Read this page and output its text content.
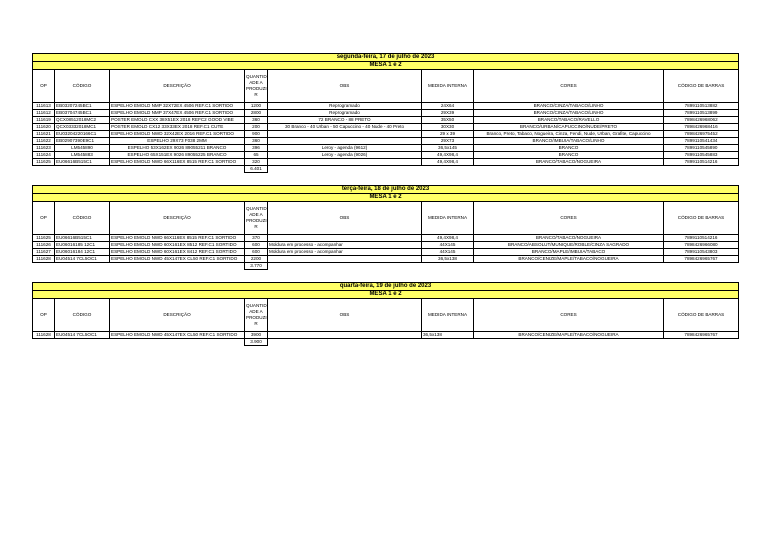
segunda-feira, 17 de julho de 2023							
MESA 1 e 2							
OP	CÓDIGO	DESCRIÇÃO	QUANTID ADE A PRODUZI R	OBS	MEDIDA INTERNA	CORES	CÓDIGO DE BARRAS
111613	EB03207245BC1	ESPELHO EMOLD NMP 32X72EX 4506 REF.C1 SORTIDO	1200	Reprogramado	24X64	BRANCO/CINZA/TABACO/LINHO	7899110513882
111612	EB03704745BC1	ESPELHO EMOLD NMP 37X47EX 4506 REF.C1 SORTIDO	2800	Reprogramado	29X39	BRANCO/CINZA/TABACO/LINHO	7899110513899
111619	QCX08512018MC2	POSTER EMOLD CXX 38X51EX 2018 REFC2 GOOD VIBE	360	72 BRANCO - 88 PRETO	35X50	BRANCO/TABACO/RAVELLO	7898426968062
111620	QCX03332018MC1	POSTER EMOLD CX12 33X33EX 2018 REF.C1 CUTE	200	30 Branco - 40 Urban - 50 Capuccino - 40 Nude - 40 Preto	30X30	BRANCO/URBAN/CAPUCCINO/NUDE/PRETO	7898426968416
111621	EU03204220166C1	ESPELHO EMOLD NWD 32X42EX 2016 REF.C1 SORTIDO	900		29 x 39	Branco, Preto, Tabaco, Nogueira, Cinza, Fendi, Nude, Urban, Grafite, Capuccino	7898426975452
111622	EB02907390E9C1	ESPELHO 29X73 F038 2MM	360		29X73	BRANCO/IMBUIA/TABACO/LINHO	7899110541434
111623	LM545890	ESPELHO 53X162EX 9026 89055211 BRANCO	396	Leroy - agenda (9612)	36,5x145	BRANCO	7899110545890
111624	LM545883	ESPELHO 65X151EX 9026 89055225 BRANCO	65	Leroy - agenda (9026)	49,4X98,4	BRANCO	7899110545883
111625	EU06616B515C1	ESPELHO EMOLD NWD 66X116EX 8515 REF.C1 SORTIDO	320		49,4X98,4	BRANCO/TABACO/NOGUEIRA	7899110514216
			6.401				
terça-feira, 18 de julho de 2023							
MESA 1 e 2							
OP	CÓDIGO	DESCRIÇÃO	QUANTID ADE A PRODUZI R	OBS	MEDIDA INTERNA	CORES	CÓDIGO DE BARRAS
111625	EU06616B515C1	ESPELHO EMOLD NWD 66X116EX 8515 REF.C1 SORTIDO	370		49,4X98,4	BRANCO/TABACO/NOGUEIRA	7899110514216
111626	EU06016185 12C1	ESPELHO EMOLD NWD 60X161EX 8512 REF.C1 SORTIDO	600	Moldura em processo - acompanhar	44X145	BRANCO/ABSOLUT/MUNIQUE/ROBLE/CINZA SAGRADO	7898426966080
111627	EU06016184 12C1	ESPELHO EMOLD NWD 60X161EX 8412 REF.C1 SORTIDO	600	Moldura em processo - acompanhar	44X145	BRANCO/MAPLE/IMBUIA/TABACO	7899110543803
111628	EU04514 7CL5OC1	ESPELHO EMOLD NWD 45X147EX CL50 REF.C1 SORTIDO	2200		36,5x138	BRANCO/CENIZE/MAPLE/TABACO/NOGUEIRA	7898426965767
			3.770				
quarta-feira, 19 de julho de 2023							
MESA 1 e 2							
OP	CÓDIGO	DESCRIÇÃO	QUANTID ADE A PRODUZI R	OBS	MEDIDA INTERNA	CORES	CÓDIGO DE BARRAS
111628	EU04514 7CL5OC1	ESPELHO EMOLD NWD 45X147EX CL50 REF.C1 SORTIDO	3900		36,5x138	BRANCO/CENIZE/MAPLE/TABACO/NOGUEIRA	7898426965767
			3.900				
